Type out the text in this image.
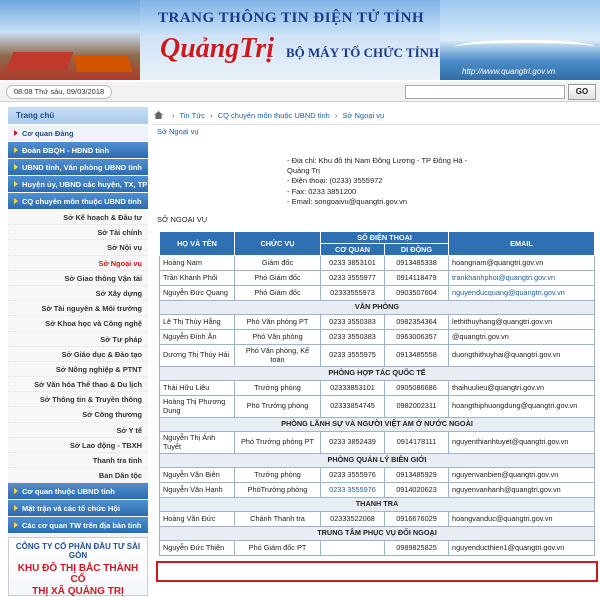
TRANG THÔNG TIN ĐIỆN TỬ TỈNH
QuảngTrị BỘ MÁY TỔ CHỨC TỈNH
http://www.quangtri.gov.vn
08:08 Thứ sáu, 09/03/2018	GO
Trang chủ
Cơ quan Đảng
Đoàn ĐBQH - HĐND tỉnh
UBND tỉnh, Văn phòng UBND tỉnh
Huyện ủy, UBND các huyện, TX, TP
CQ chuyên môn thuộc UBND tỉnh
Sở Kế hoạch & Đầu tư
Sở Tài chính
Sở Nội vụ
Sở Ngoại vụ
Sở Giao thông Vận tải
Sở Xây dựng
Sở Tài nguyên & Môi trường
Sở Khoa học và Công nghệ
Sở Tư pháp
Sở Giáo dục & Đào tạo
Sở Nông nghiệp & PTNT
Sở Văn hóa Thể thao & Du lịch
Sở Thông tin & Truyền thông
Sở Công thương
Sở Y tế
Sở Lao động - TBXH
Thanh tra tỉnh
Ban Dân tộc
Cơ quan thuộc UBND tỉnh
Mặt trận và các tổ chức Hội
Các cơ quan TW trên địa bàn tỉnh
CÔNG TY CỔ PHẦN ĐẦU TƯ SÀI GÒN
KHU ĐÔ THỊ BẮC THÀNH CỔ
THỊ XÃ QUẢNG TRỊ
› Tin Tức › CQ chuyên môn thuộc UBND tỉnh › Sở Ngoại vụ
Sở Ngoại vụ
- Địa chỉ: Khu đô thị Nam Đông Lương - TP Đông Hà -
Quảng Trị
- Điện thoại: (0233) 3555972
- Fax: 0233 3851200
- Email: songoaivu@quangtri.gov.vn
SỞ NGOẠI VỤ
HỌ VÀ TÊN	CHỨC VỤ	SỐ ĐIỆN THOẠI		EMAIL
		CƠ QUAN	DI ĐỘNG	
Hoàng Nam	Giám đốc	0233 3853101	0913485338	hoangnam@quangtri.gov.vn
Trần Khánh Phối	Phó Giám đốc	0233 3555977	0914118479	trankhanhphoi@quangtri.gov.vn
Nguyễn Đức Quang	Phó Giám đốc	02333555973	0903507604	nguyenducquang@quangtri.gov.vn
VĂN PHÒNG				
Lê Thị Thúy Hằng	Phó Văn phòng PT	0233 3550383	0982354364	lethithuyhang@quangtri.gov.vn
Nguyễn Đình Ân	Phó Văn phòng	0233 3550383	0963006357	@quangtri.gov.vn
Dương Thị Thúy Hải	Phó Văn phòng, Kế toán	0233 3555975	0913485558	duongthithuyhai@quangtri.gov.vn
PHÒNG HỢP TÁC QUỐC TẾ				
Thái Hữu Liêu	Trưởng phòng	02333853101	0905086686	thaihuulieu@quangtri.gov.vn
Hoàng Thị Phương Dung	Phó Trưởng phòng	02333854745	0982002311	hoangthiphuongdung@quangtri.gov.vn
PHÒNG LÃNH SỰ VÀ NGƯỜI VIỆT AM Ở NƯỚC NGOÀI				
Nguyễn Thị Ánh Tuyết	Phó Trưởng phòng PT	0233 3852439	0914178111	nguyenthianhtuyet@quangtri.gov.vn
PHÒNG QUẢN LÝ BIÊN GIỚI				
Nguyễn Văn Biên	Trưởng phòng	0233 3555976	0913485929	nguyenvanbien@quangtri.gov.vn
Nguyễn Văn Hạnh	PhóTrưởng phòng	0233 3555976	0914020623	nguyenvanhanh@quangtri.gov.vn
THANH TRA				
Hoàng Văn Đức	Chánh Thanh tra	02333522068	0916676029	hoangvanduc@quangtri.gov.vn
TRUNG TÂM PHỤC VỤ ĐỐI NGOẠI				
Nguyễn Đức Thiện	Phó Giám đốc PT		0989825825	nguyenducthien1@quangtri.gov.vn
